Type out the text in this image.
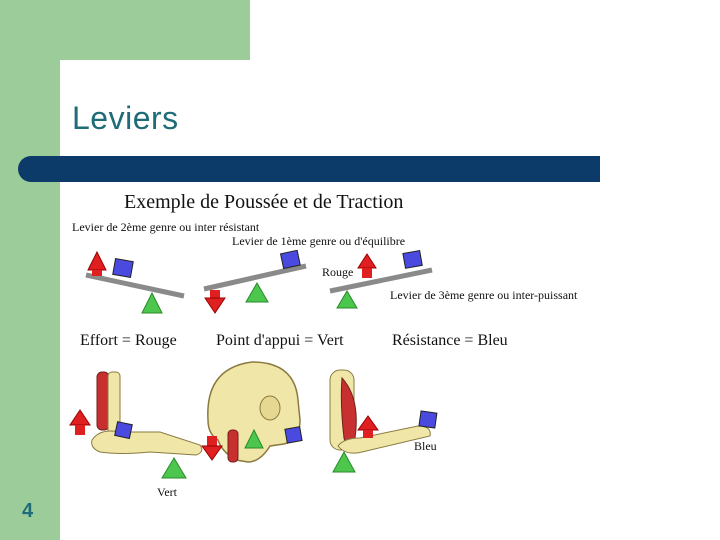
Leviers
4
Exemple de Poussée et de Traction
Levier de 2ème genre ou inter résistant
Levier de 1ème genre ou d'équilibre
Rouge
Levier de 3ème genre ou inter-puissant
Effort = Rouge Point d'appui = Vert	Résistance = Bleu
Vert
Bleu
